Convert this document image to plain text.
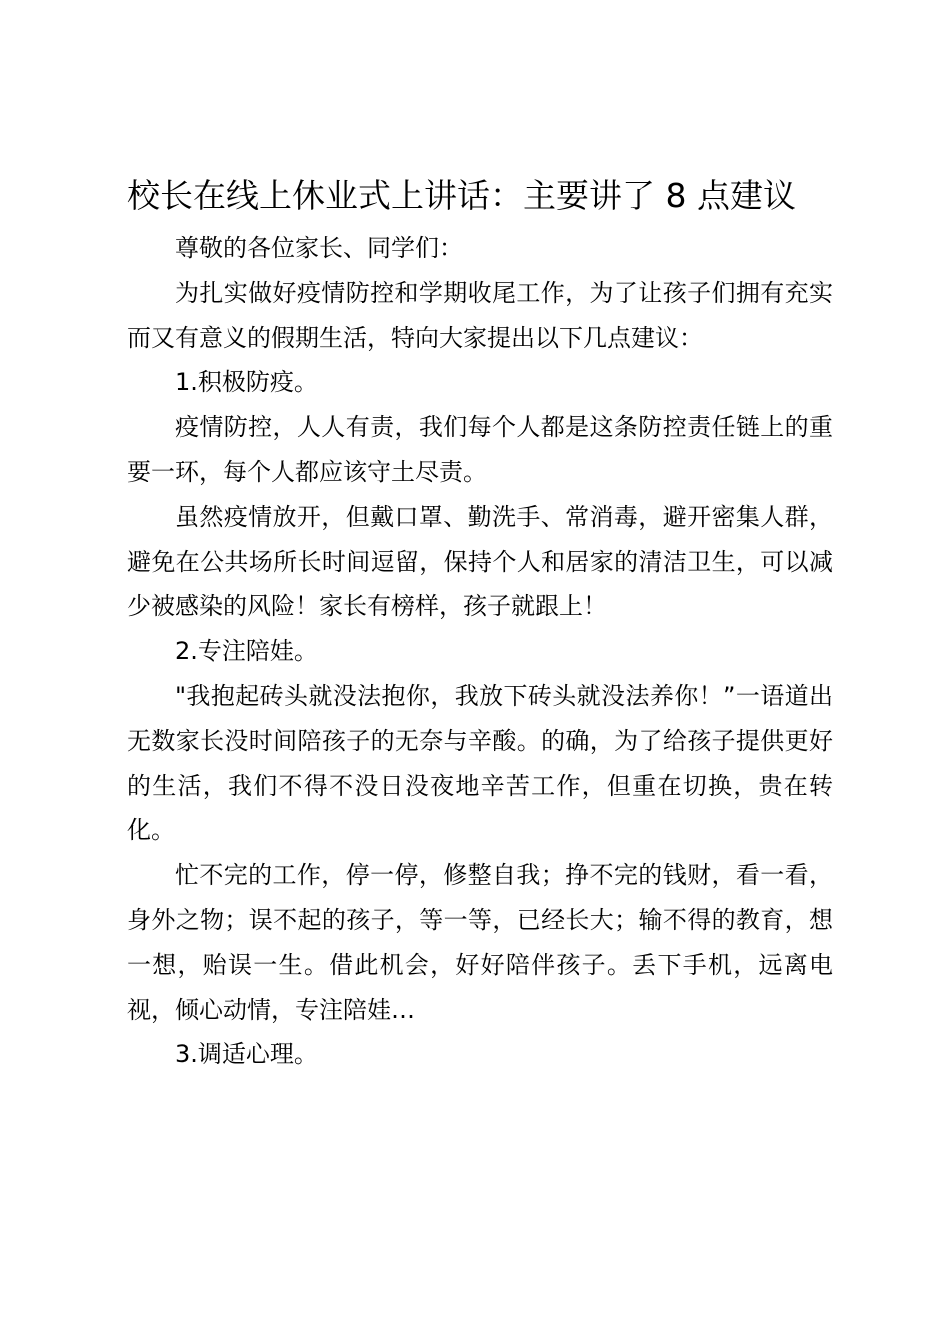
校长在线上休业式上讲话：主要讲了 8 点建议

尊敬的各位家长、同学们：

为扎实做好疫情防控和学期收尾工作，为了让孩子们拥有充实而又有意义的假期生活，特向大家提出以下几点建议：

1.积极防疫。

疫情防控，人人有责，我们每个人都是这条防控责任链上的重要一环，每个人都应该守土尽责。

虽然疫情放开，但戴口罩、勤洗手、常消毒，避开密集人群，避免在公共场所长时间逗留，保持个人和居家的清洁卫生，可以减少被感染的风险！家长有榜样，孩子就跟上！

2.专注陪娃。

"我抱起砖头就没法抱你，我放下砖头就没法养你！”一语道出无数家长没时间陪孩子的无奈与辛酸。的确，为了给孩子提供更好的生活，我们不得不没日没夜地辛苦工作，但重在切换，贵在转化。

忙不完的工作，停一停，修整自我；挣不完的钱财，看一看，身外之物；误不起的孩子，等一等，已经长大；输不得的教育，想一想，贻误一生。借此机会，好好陪伴孩子。丢下手机，远离电视，倾心动情，专注陪娃…

3.调适心理。
